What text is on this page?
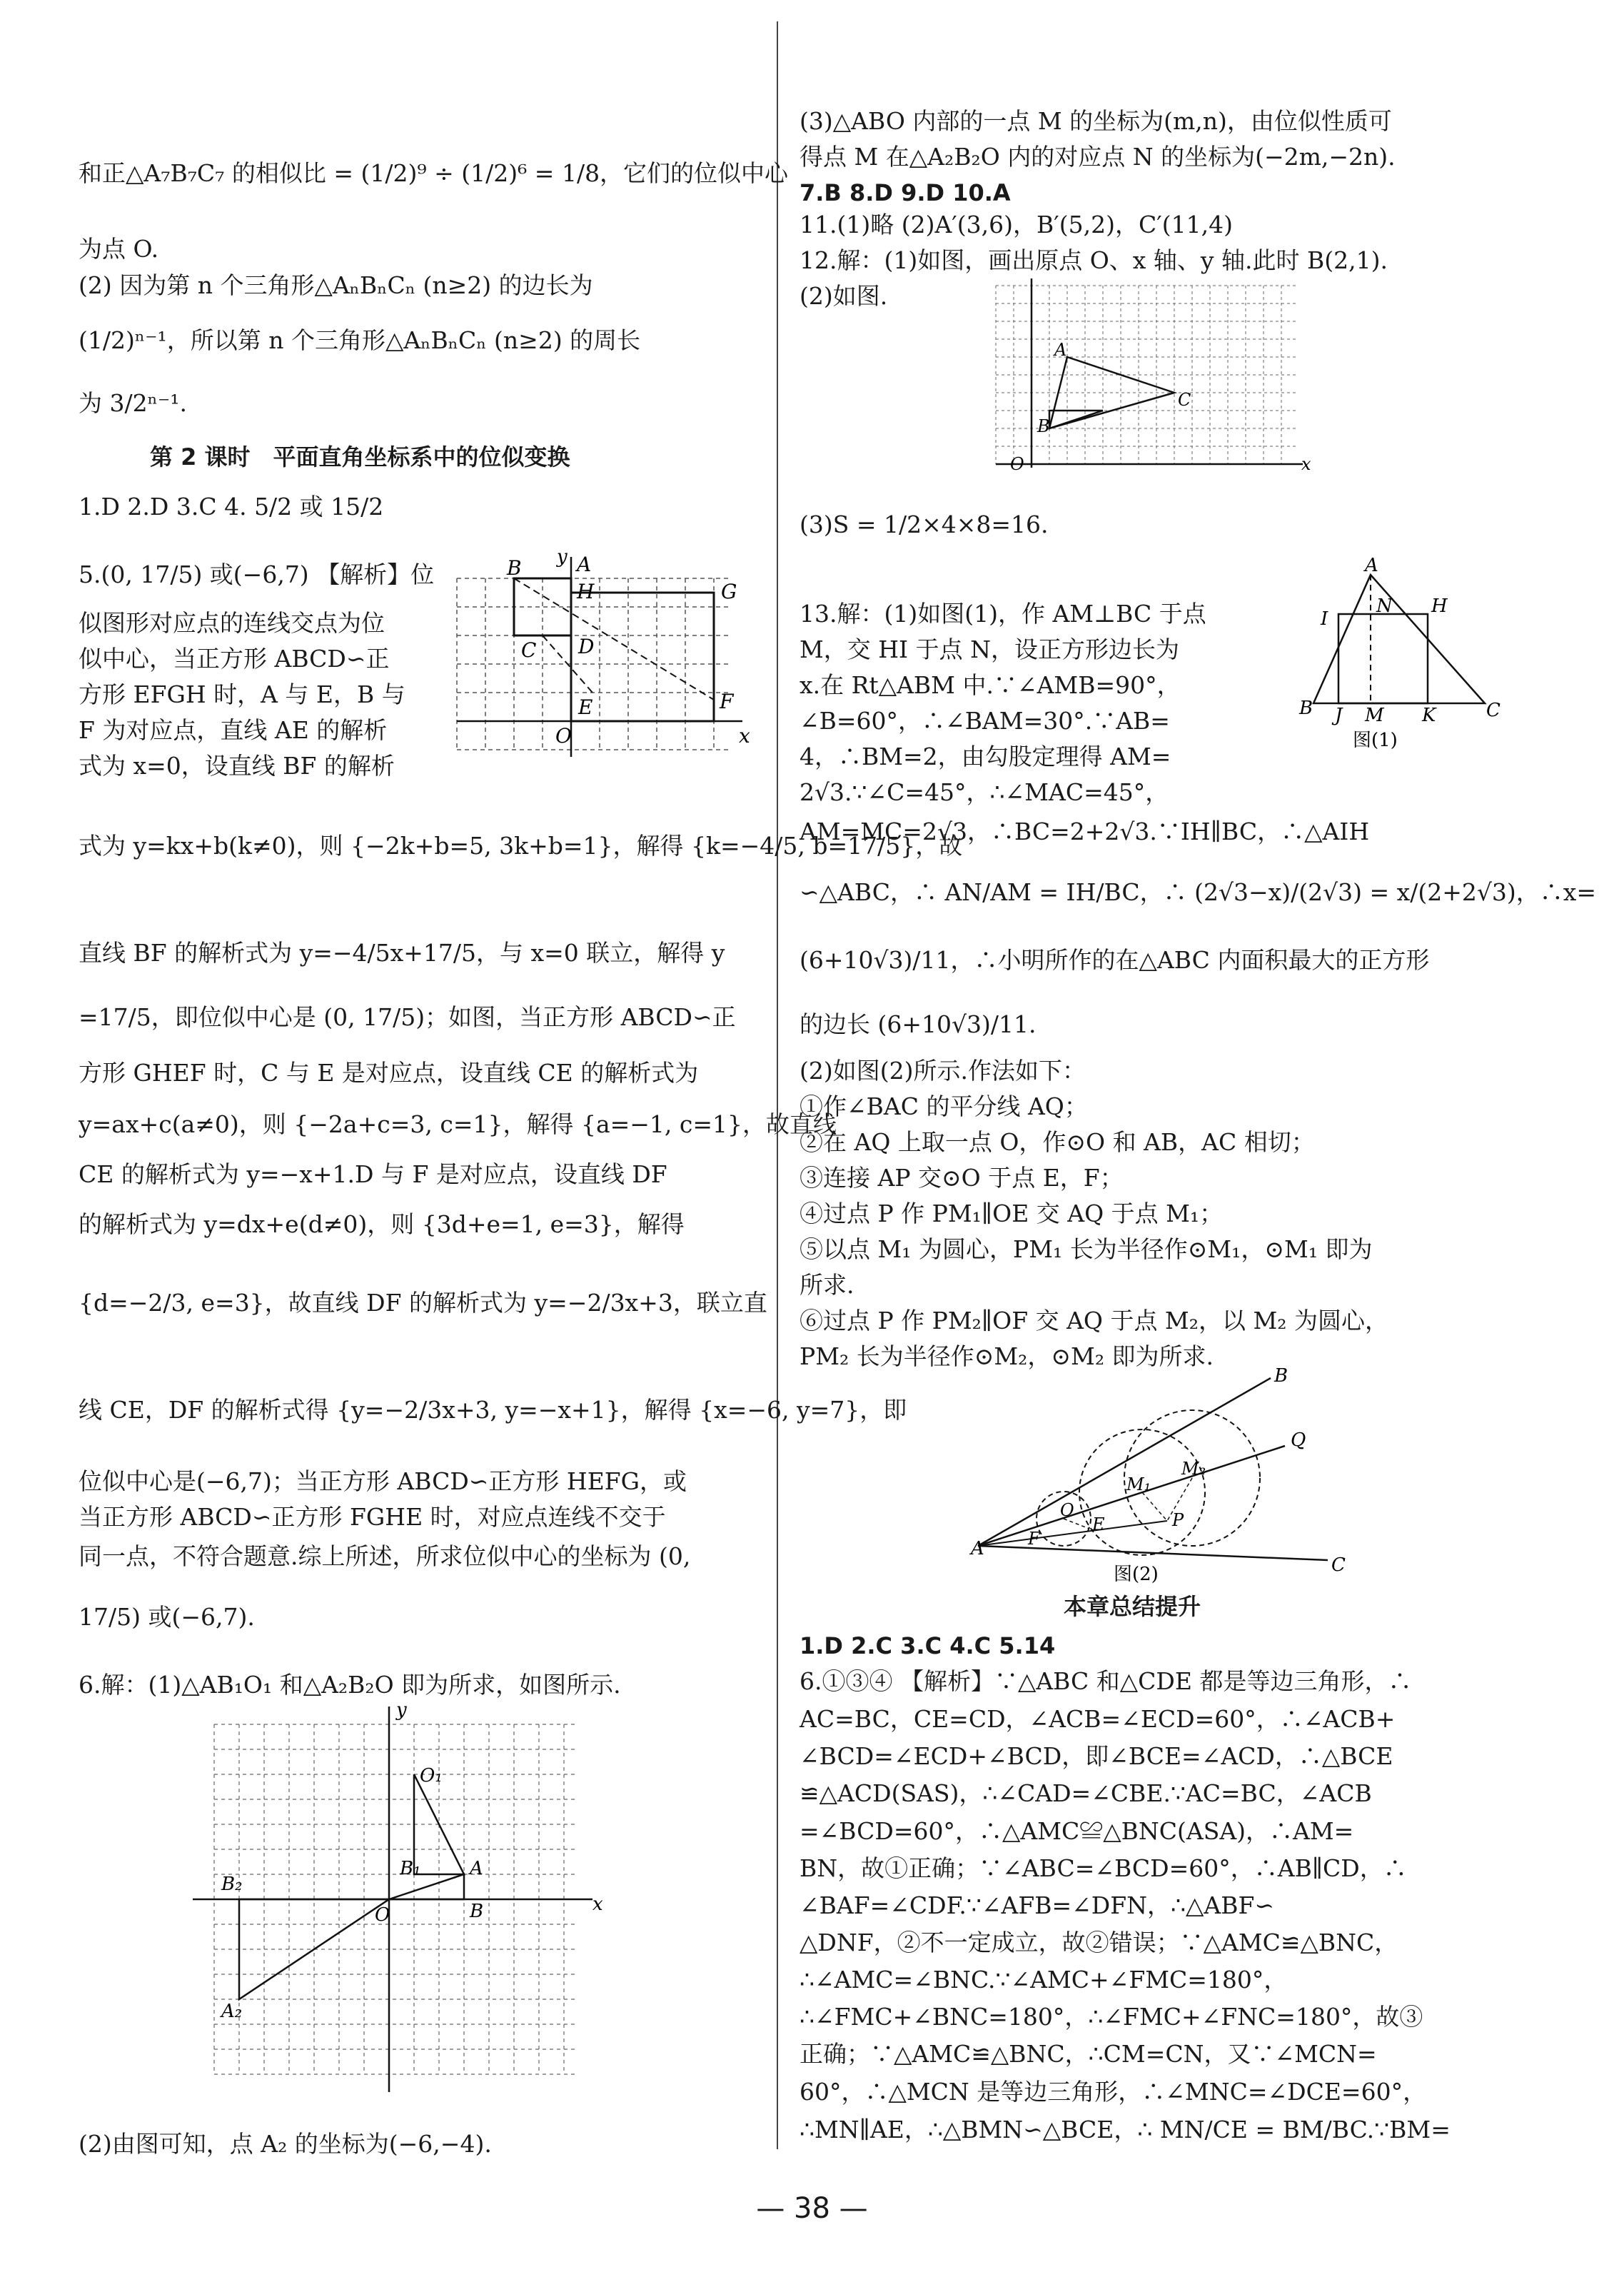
和正△A₇B₇C₇ 的相似比 = (1/2)⁹ ÷ (1/2)⁶ = 1/8，它们的位似中心
为点 O.
(2) 因为第 n 个三角形△AₙBₙCₙ (n≥2) 的边长为
(1/2)ⁿ⁻¹，所以第 n 个三角形△AₙBₙCₙ (n≥2) 的周长
为 3/2ⁿ⁻¹.
第 2 课时　平面直角坐标系中的位似变换
1.D 2.D 3.C 4. 5/2 或 15/2
5.(0, 17/5) 或(−6,7) 【解析】位
似图形对应点的连线交点为位
似中心，当正方形 ABCD∽正
方形 EFGH 时，A 与 E，B 与
F 为对应点，直线 AE 的解析
式为 x=0，设直线 BF 的解析
式为 y=kx+b(k≠0)，则 {−2k+b=5, 3k+b=1}，解得 {k=−4/5, b=17/5}，故
直线 BF 的解析式为 y=−4/5x+17/5，与 x=0 联立，解得 y
=17/5，即位似中心是 (0, 17/5)；如图，当正方形 ABCD∽正
方形 GHEF 时，C 与 E 是对应点，设直线 CE 的解析式为
y=ax+c(a≠0)，则 {−2a+c=3, c=1}，解得 {a=−1, c=1}，故直线
CE 的解析式为 y=−x+1.D 与 F 是对应点，设直线 DF
的解析式为 y=dx+e(d≠0)，则 {3d+e=1, e=3}，解得
{d=−2/3, e=3}，故直线 DF 的解析式为 y=−2/3x+3，联立直
线 CE，DF 的解析式得 {y=−2/3x+3, y=−x+1}，解得 {x=−6, y=7}，即
位似中心是(−6,7)；当正方形 ABCD∽正方形 HEFG，或
当正方形 ABCD∽正方形 FGHE 时，对应点连线不交于
同一点，不符合题意.综上所述，所求位似中心的坐标为 (0,
17/5) 或(−6,7).
6.解：(1)△AB₁O₁ 和△A₂B₂O 即为所求，如图所示.
(2)由图可知，点 A₂ 的坐标为(−6,−4).
B	A
H	G
C D
E	F
O	x
y
O₁
B₁	A
B
B₂
A₂
O	x
y
(3)△ABO 内部的一点 M 的坐标为(m,n)，由位似性质可
得点 M 在△A₂B₂O 内的对应点 N 的坐标为(−2m,−2n).
7.B 8.D 9.D 10.A
11.(1)略 (2)A′(3,6)，B′(5,2)，C′(11,4)
12.解：(1)如图，画出原点 O、x 轴、y 轴.此时 B(2,1).
(2)如图.
(3)S = 1/2×4×8=16.
13.解：(1)如图(1)，作 AM⊥BC 于点
M，交 HI 于点 N，设正方形边长为
x.在 Rt△ABM 中.∵∠AMB=90°，
∠B=60°，∴∠BAM=30°.∵AB=
4，∴BM=2，由勾股定理得 AM=
2√3.∵∠C=45°，∴∠MAC=45°，
AM=MC=2√3，∴BC=2+2√3.∵IH∥BC，∴△AIH
∽△ABC，∴ AN/AM = IH/BC，∴ (2√3−x)/(2√3) = x/(2+2√3)，∴x=
(6+10√3)/11，∴小明所作的在△ABC 内面积最大的正方形
的边长 (6+10√3)/11.
(2)如图(2)所示.作法如下：
①作∠BAC 的平分线 AQ；
②在 AQ 上取一点 O，作⊙O 和 AB，AC 相切；
③连接 AP 交⊙O 于点 E，F；
④过点 P 作 PM₁∥OE 交 AQ 于点 M₁；
⑤以点 M₁ 为圆心，PM₁ 长为半径作⊙M₁，⊙M₁ 即为
所求.
⑥过点 P 作 PM₂∥OF 交 AQ 于点 M₂，以 M₂ 为圆心，
PM₂ 长为半径作⊙M₂，⊙M₂ 即为所求.
本章总结提升
1.D 2.C 3.C 4.C 5.14
6.①③④ 【解析】∵△ABC 和△CDE 都是等边三角形，∴
AC=BC，CE=CD，∠ACB=∠ECD=60°，∴∠ACB+
∠BCD=∠ECD+∠BCD，即∠BCE=∠ACD，∴△BCE
≌△ACD(SAS)，∴∠CAD=∠CBE.∵AC=BC，∠ACB
=∠BCD=60°，∴△AMC≌△BNC(ASA)，∴AM=
BN，故①正确；∵∠ABC=∠BCD=60°，∴AB∥CD，∴
∠BAF=∠CDF.∵∠AFB=∠DFN，∴△ABF∽
△DNF，②不一定成立，故②错误；∵△AMC≌△BNC，
∴∠AMC=∠BNC.∵∠AMC+∠FMC=180°，
∴∠FMC+∠BNC=180°，∴∠FMC+∠FNC=180°，故③
正确；∵△AMC≌△BNC，∴CM=CN，又∵∠MCN=
60°，∴△MCN 是等边三角形，∴∠MNC=∠DCE=60°，
∴MN∥AE，∴△BMN∽△BCE，∴ MN/CE = BM/BC.∵BM=
A
C
B
O	x
A
I
N H
B J M K	C
图(1)
B
Q
M₁
M₂
O
E	P
F
A
C
图(2)
— 38 —
